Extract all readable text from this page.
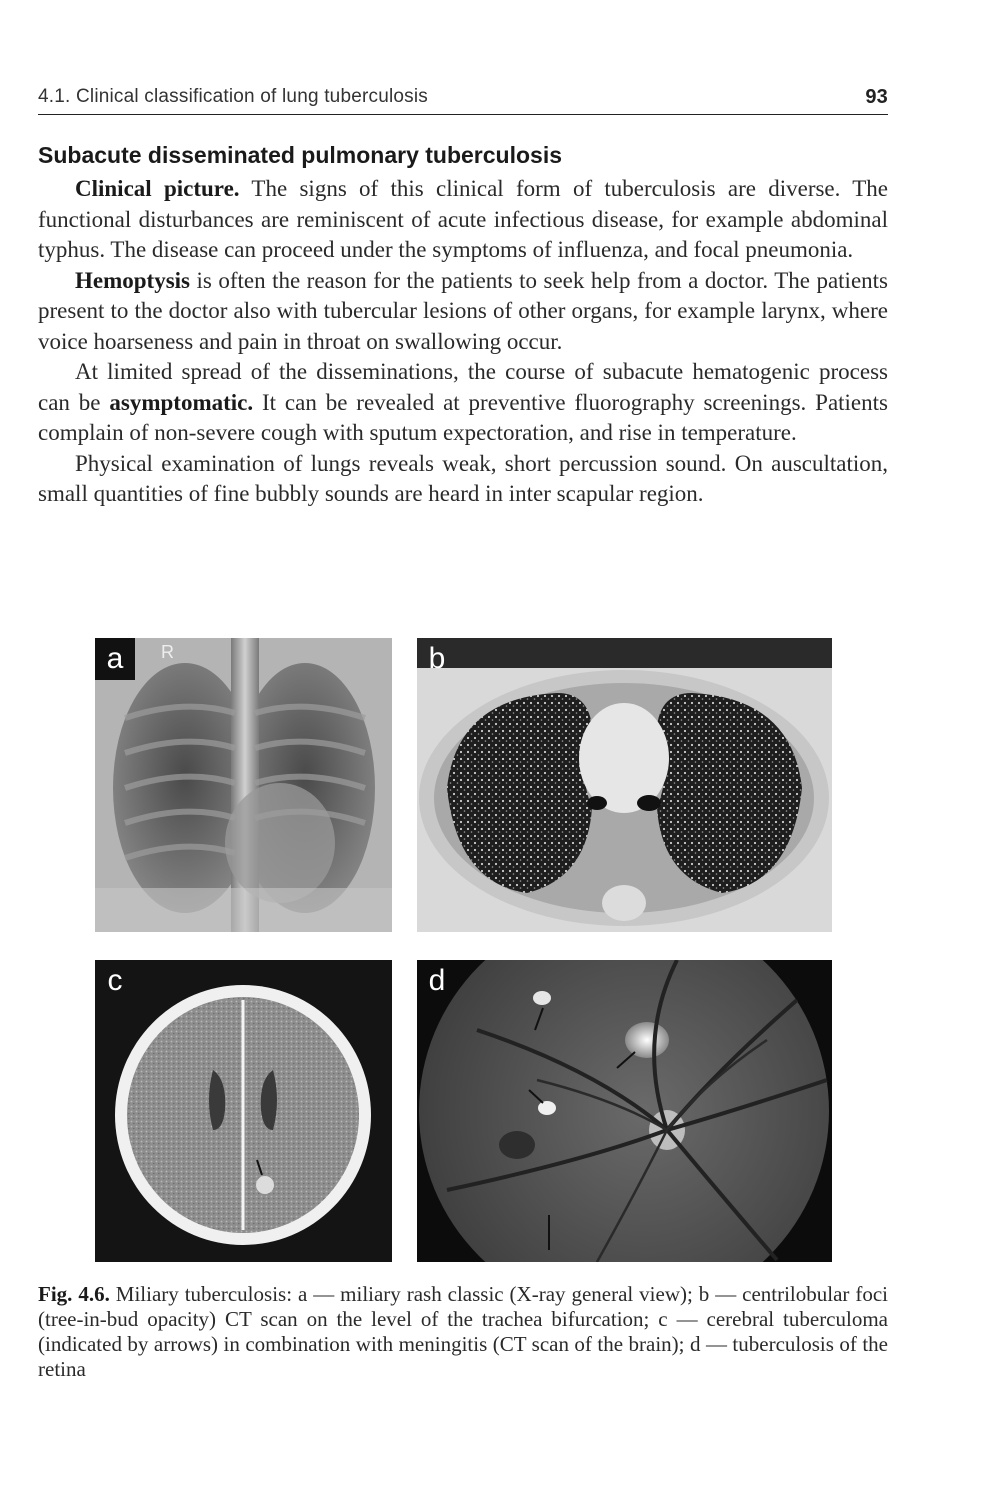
4.1. Clinical classification of lung tuberculosis	93
Subacute disseminated pulmonary tuberculosis

Clinical picture. The signs of this clinical form of tuberculosis are diverse. The functional disturbances are reminiscent of acute infectious disease, for example abdominal typhus. The disease can proceed under the symptoms of influenza, and focal pneumonia.

Hemoptysis is often the reason for the patients to seek help from a doctor. The patients present to the doctor also with tubercular lesions of other organs, for example larynx, where voice hoarseness and pain in throat on swallowing occur.

At limited spread of the disseminations, the course of subacute hematogenic process can be asymptomatic. It can be revealed at preventive fluorography screenings. Patients complain of non-severe cough with sputum expectoration, and rise in temperature.

Physical examination of lungs reveals weak, short percussion sound. On auscultation, small quantities of fine bubbly sounds are heard in inter scapular region.

a	R	b
c	d

Fig. 4.6. Miliary tuberculosis: a — miliary rash classic (X-ray general view); b — centrilobular foci (tree-in-bud opacity) CT scan on the level of the trachea bifurcation; c — cerebral tuberculoma (indicated by arrows) in combination with meningitis (CT scan of the brain); d — tuberculosis of the retina
